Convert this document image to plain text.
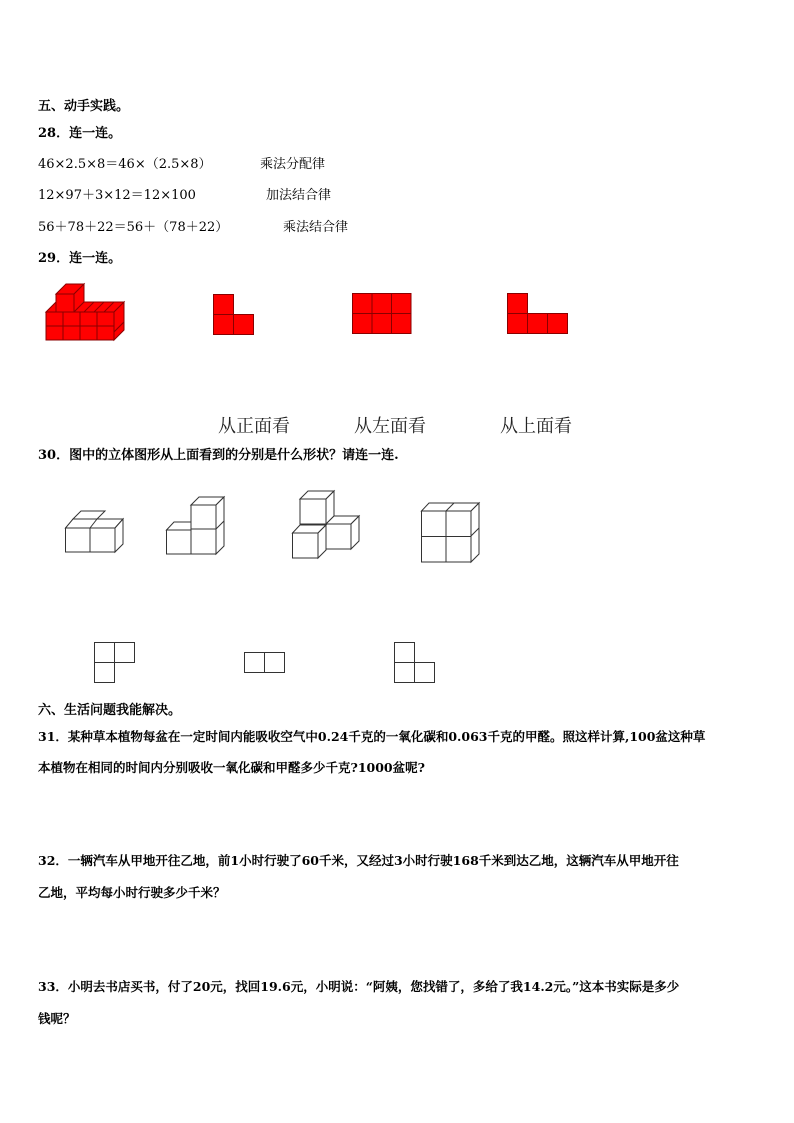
五、动手实践。
28．连一连。
46×2.5×8＝46×（2.5×8）
12×97＋3×12＝12×100
56＋78＋22＝56＋（78＋22）
乘法分配律
加法结合律
乘法结合律
29．连一连。
从正面看	从左面看	从上面看
30．图中的立体图形从上面看到的分别是什么形状？请连一连.
六、生活问题我能解决。
31．某种草本植物每盆在一定时间内能吸收空气中0.24千克的一氧化碳和0.063千克的甲醛。照这样计算,100盆这种草
本植物在相同的时间内分别吸收一氧化碳和甲醛多少千克?1000盆呢?
32．一辆汽车从甲地开往乙地，前1小时行驶了60千米，又经过3小时行驶168千米到达乙地，这辆汽车从甲地开往
乙地，平均每小时行驶多少千米？
33．小明去书店买书，付了20元，找回19.6元，小明说：“阿姨，您找错了，多给了我14.2元。”这本书实际是多少
钱呢？
